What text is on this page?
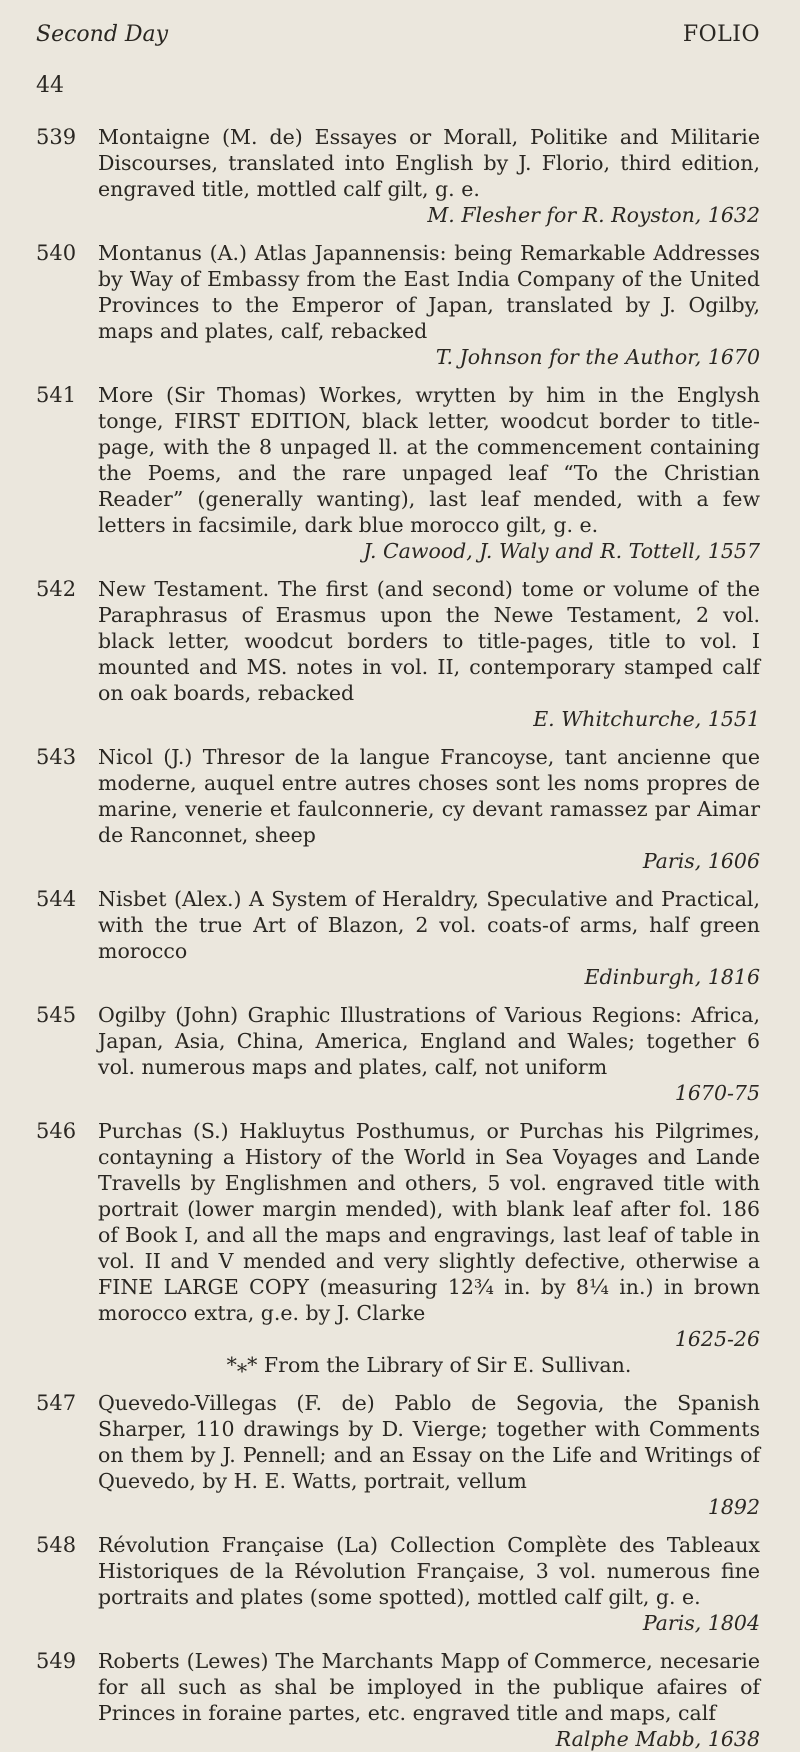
Second Day	FOLIO
44
539	Montaigne (M. de) Essayes or Morall, Politike and Militarie Discourses, translated into English by J. Florio, third edition, engraved title, mottled calf gilt, g. e.
M. Flesher for R. Royston, 1632
540	Montanus (A.) Atlas Japannensis: being Remarkable Addresses by Way of Embassy from the East India Company of the United Provinces to the Emperor of Japan, translated by J. Ogilby, maps and plates, calf, rebacked
T. Johnson for the Author, 1670
541	More (Sir Thomas) Workes, wrytten by him in the Englysh tonge, FIRST EDITION, black letter, woodcut border to title-page, with the 8 unpaged ll. at the commencement containing the Poems, and the rare unpaged leaf “To the Christian Reader” (generally wanting), last leaf mended, with a few letters in facsimile, dark blue morocco gilt, g. e.
J. Cawood, J. Waly and R. Tottell, 1557
542	New Testament. The first (and second) tome or volume of the Paraphrasus of Erasmus upon the Newe Testament, 2 vol. black letter, woodcut borders to title-pages, title to vol. I mounted and MS. notes in vol. II, contemporary stamped calf on oak boards, rebacked
E. Whitchurche, 1551
543	Nicol (J.) Thresor de la langue Francoyse, tant ancienne que moderne, auquel entre autres choses sont les noms propres de marine, venerie et faulconnerie, cy devant ramassez par Aimar de Ranconnet, sheep
Paris, 1606
544	Nisbet (Alex.) A System of Heraldry, Speculative and Practical, with the true Art of Blazon, 2 vol. coats-of arms, half green morocco
Edinburgh, 1816
545	Ogilby (John) Graphic Illustrations of Various Regions: Africa, Japan, Asia, China, America, England and Wales; together 6 vol. numerous maps and plates, calf, not uniform
1670-75
546	Purchas (S.) Hakluytus Posthumus, or Purchas his Pilgrimes, contayning a History of the World in Sea Voyages and Lande Travells by Englishmen and others, 5 vol. engraved title with portrait (lower margin mended), with blank leaf after fol. 186 of Book I, and all the maps and engravings, last leaf of table in vol. II and V mended and very slightly defective, otherwise a FINE LARGE COPY (measuring 12¾ in. by 8¼ in.) in brown morocco extra, g.e. by J. Clarke
1625-26
*⁎* From the Library of Sir E. Sullivan.
547	Quevedo-Villegas (F. de) Pablo de Segovia, the Spanish Sharper, 110 drawings by D. Vierge; together with Comments on them by J. Pennell; and an Essay on the Life and Writings of Quevedo, by H. E. Watts, portrait, vellum
1892
548	Révolution Française (La) Collection Complète des Tableaux Historiques de la Révolution Française, 3 vol. numerous fine portraits and plates (some spotted), mottled calf gilt, g. e.
Paris, 1804
549	Roberts (Lewes) The Marchants Mapp of Commerce, necesarie for all such as shal be imployed in the publique afaires of Princes in foraine partes, etc. engraved title and maps, calf
Ralphe Mabb, 1638
